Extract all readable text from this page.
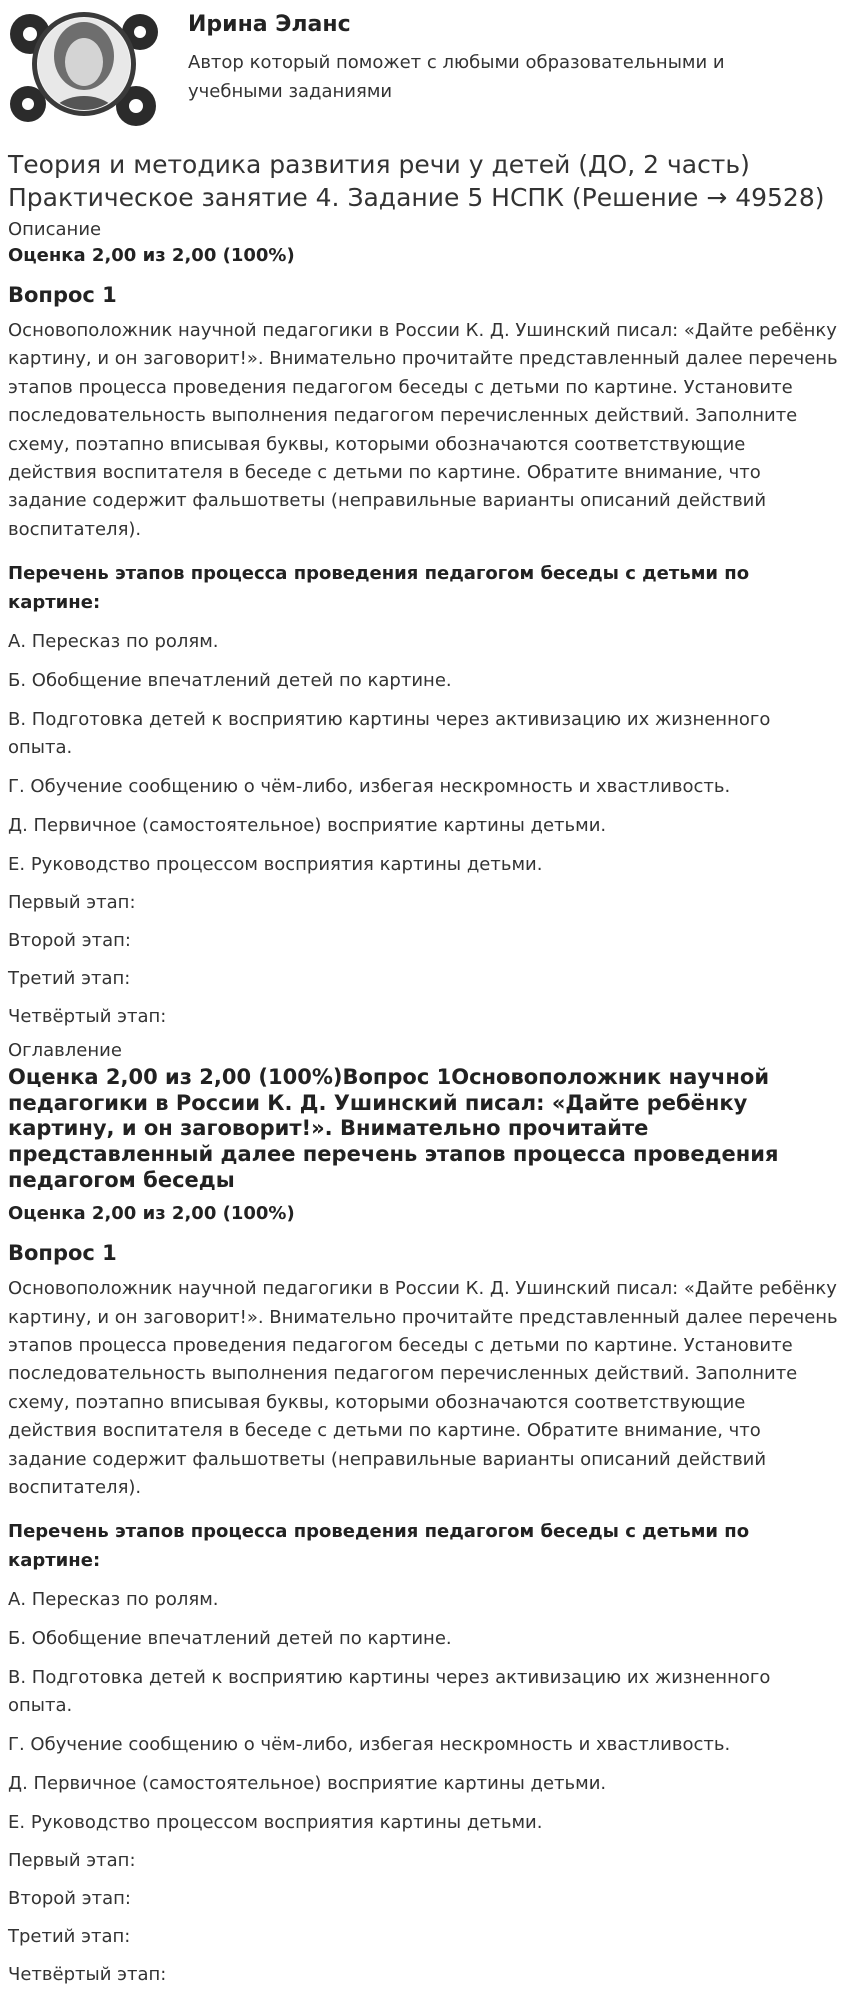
Ирина Эланс
Автор который поможет с любыми образовательными и учебными заданиями
Теория и методика развития речи у детей (ДО, 2 часть)
Практическое занятие 4. Задание 5 НСПК (Решение → 49528)
Описание
Оценка 2,00 из 2,00 (100%)
Вопрос 1
Основоположник научной педагогики в России К. Д. Ушинский писал: «Дайте ребёнку картину, и он заговорит!». Внимательно прочитайте представленный далее перечень этапов процесса проведения педагогом беседы с детьми по картине. Установите последовательность выполнения педагогом перечисленных действий. Заполните схему, поэтапно вписывая буквы, которыми обозначаются соответствующие действия воспитателя в беседе с детьми по картине. Обратите внимание, что задание содержит фальшответы (неправильные варианты описаний действий воспитателя).
Перечень этапов процесса проведения педагогом беседы с детьми по картине:
А. Пересказ по ролям.
Б. Обобщение впечатлений детей по картине.
В. Подготовка детей к восприятию картины через активизацию их жизненного опыта.
Г. Обучение сообщению о чём-либо, избегая нескромность и хвастливость.
Д. Первичное (самостоятельное) восприятие картины детьми.
Е. Руководство процессом восприятия картины детьми.
Первый этап:
Второй этап:
Третий этап:
Четвёртый этап:
Оглавление
Оценка 2,00 из 2,00 (100%)Вопрос 1Основоположник научной педагогики в России К. Д. Ушинский писал: «Дайте ребёнку картину, и он заговорит!». Внимательно прочитайте представленный далее перечень этапов процесса проведения педагогом беседы
Оценка 2,00 из 2,00 (100%)
Вопрос 1
Основоположник научной педагогики в России К. Д. Ушинский писал: «Дайте ребёнку картину, и он заговорит!». Внимательно прочитайте представленный далее перечень этапов процесса проведения педагогом беседы с детьми по картине. Установите последовательность выполнения педагогом перечисленных действий. Заполните схему, поэтапно вписывая буквы, которыми обозначаются соответствующие действия воспитателя в беседе с детьми по картине. Обратите внимание, что задание содержит фальшответы (неправильные варианты описаний действий воспитателя).
Перечень этапов процесса проведения педагогом беседы с детьми по картине:
А. Пересказ по ролям.
Б. Обобщение впечатлений детей по картине.
В. Подготовка детей к восприятию картины через активизацию их жизненного опыта.
Г. Обучение сообщению о чём-либо, избегая нескромность и хвастливость.
Д. Первичное (самостоятельное) восприятие картины детьми.
Е. Руководство процессом восприятия картины детьми.
Первый этап:
Второй этап:
Третий этап:
Четвёртый этап:
